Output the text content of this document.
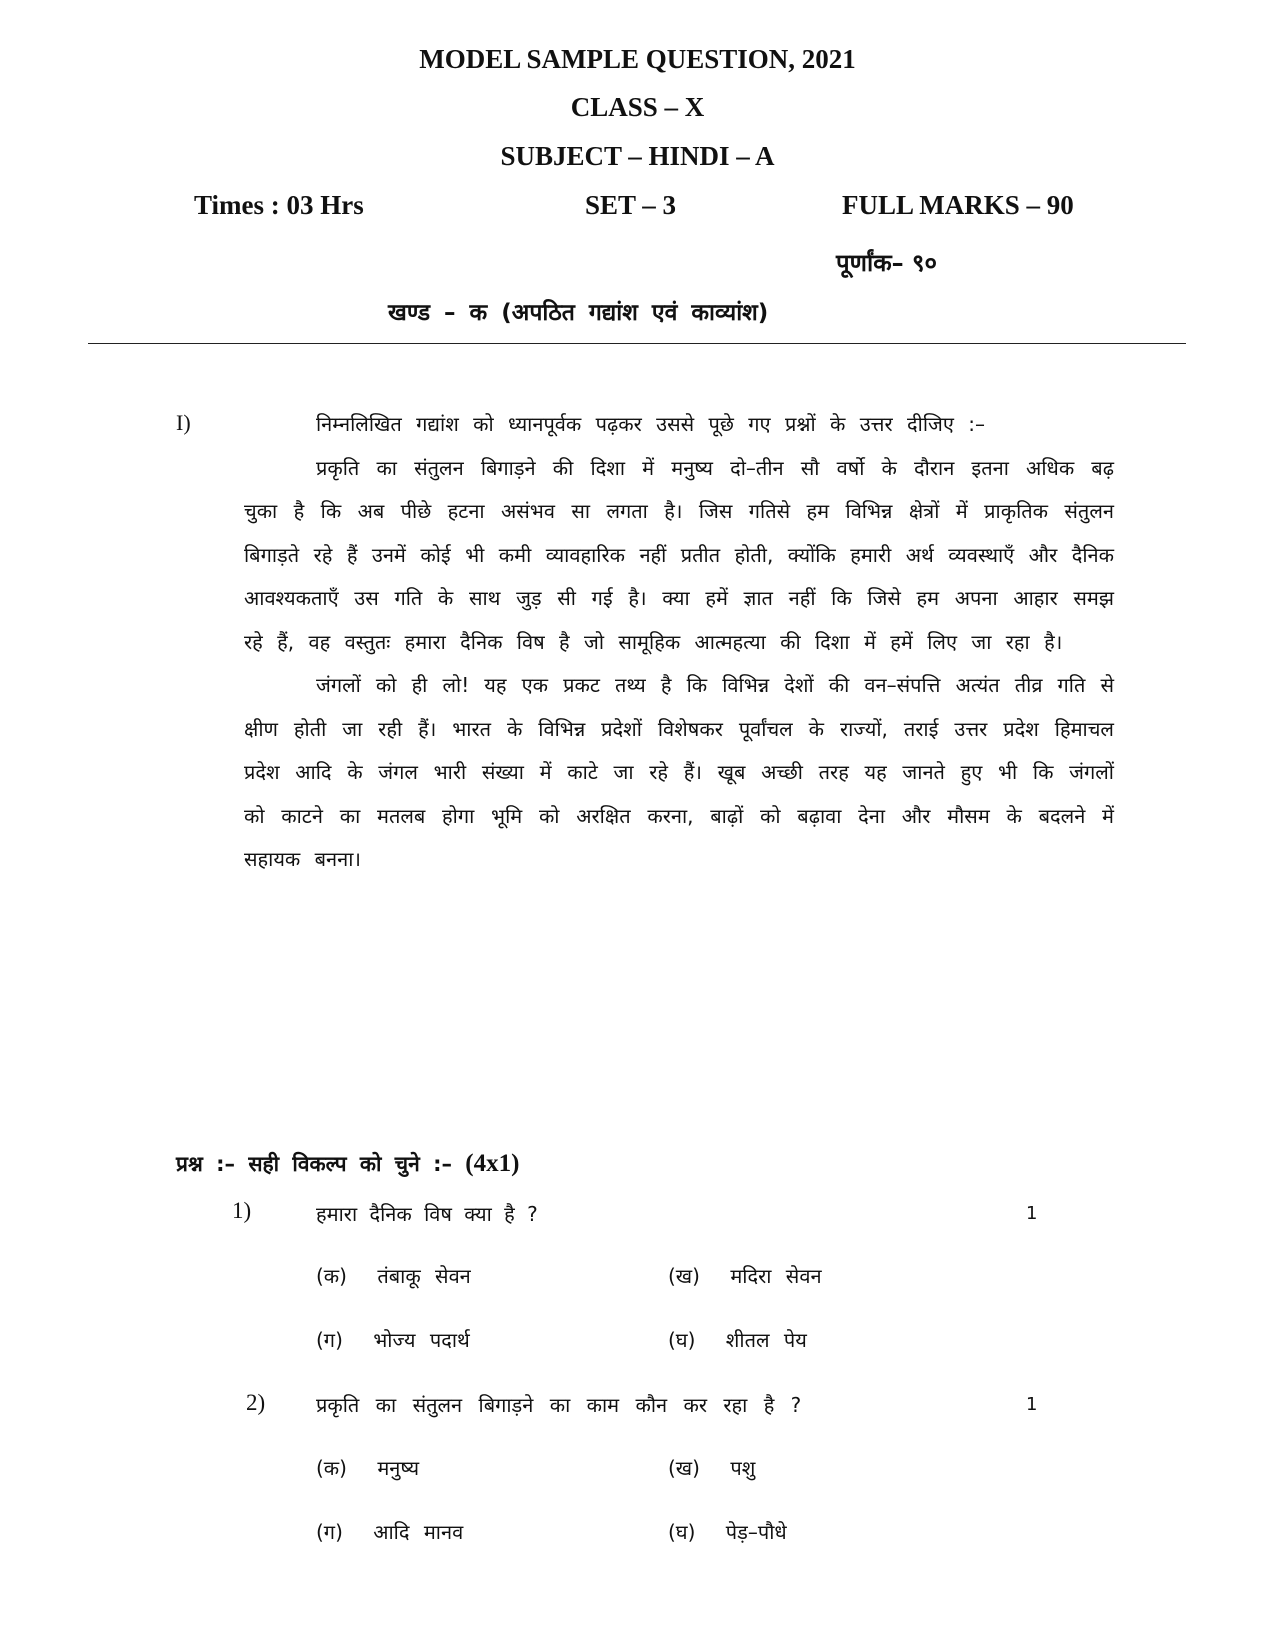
MODEL SAMPLE QUESTION, 2021
CLASS – X
SUBJECT – HINDI – A
Times : 03 Hrs	SET – 3	FULL MARKS – 90
पूर्णांक– ९०
खण्ड – क (अपठित गद्यांश एवं काव्यांश)
I)	निम्नलिखित गद्यांश को ध्यानपूर्वक पढ़कर उससे पूछे गए प्रश्नों के उत्तर दीजिए :–

प्रकृति का संतुलन बिगाड़ने की दिशा में मनुष्य दो–तीन सौ वर्षो के दौरान इतना अधिक बढ़ चुका है कि अब पीछे हटना असंभव सा लगता है। जिस गतिसे हम विभिन्न क्षेत्रों में प्राकृतिक संतुलन बिगाड़ते रहे हैं उनमें कोई भी कमी व्यावहारिक नहीं प्रतीत होती, क्योंकि हमारी अर्थ व्यवस्थाएँ और दैनिक आवश्यकताएँ उस गति के साथ जुड़ सी गई है। क्या हमें ज्ञात नहीं कि जिसे हम अपना आहार समझ रहे हैं, वह वस्तुतः हमारा दैनिक विष है जो सामूहिक आत्महत्या की दिशा में हमें लिए जा रहा है।

जंगलों को ही लो! यह एक प्रकट तथ्य है कि विभिन्न देशों की वन–संपत्ति अत्यंत तीव्र गति से क्षीण होती जा रही हैं। भारत के विभिन्न प्रदेशों विशेषकर पूर्वांचल के राज्यों, तराई उत्तर प्रदेश हिमाचल प्रदेश आदि के जंगल भारी संख्या में काटे जा रहे हैं। खूब अच्छी तरह यह जानते हुए भी कि जंगलों को काटने का मतलब होगा भूमि को अरक्षित करना, बाढ़ों को बढ़ावा देना और मौसम के बदलने में सहायक बनना।

प्रश्न :– सही विकल्प को चुने :– (4x1)
1)	हमारा दैनिक विष क्या है ?	1
(क) तंबाकू सेवन	(ख) मदिरा सेवन
(ग) भोज्य पदार्थ	(घ) शीतल पेय
2)	प्रकृति का संतुलन बिगाड़ने का काम कौन कर रहा है ?	1
(क) मनुष्य	(ख) पशु
(ग) आदि मानव	(घ) पेड़–पौधे
